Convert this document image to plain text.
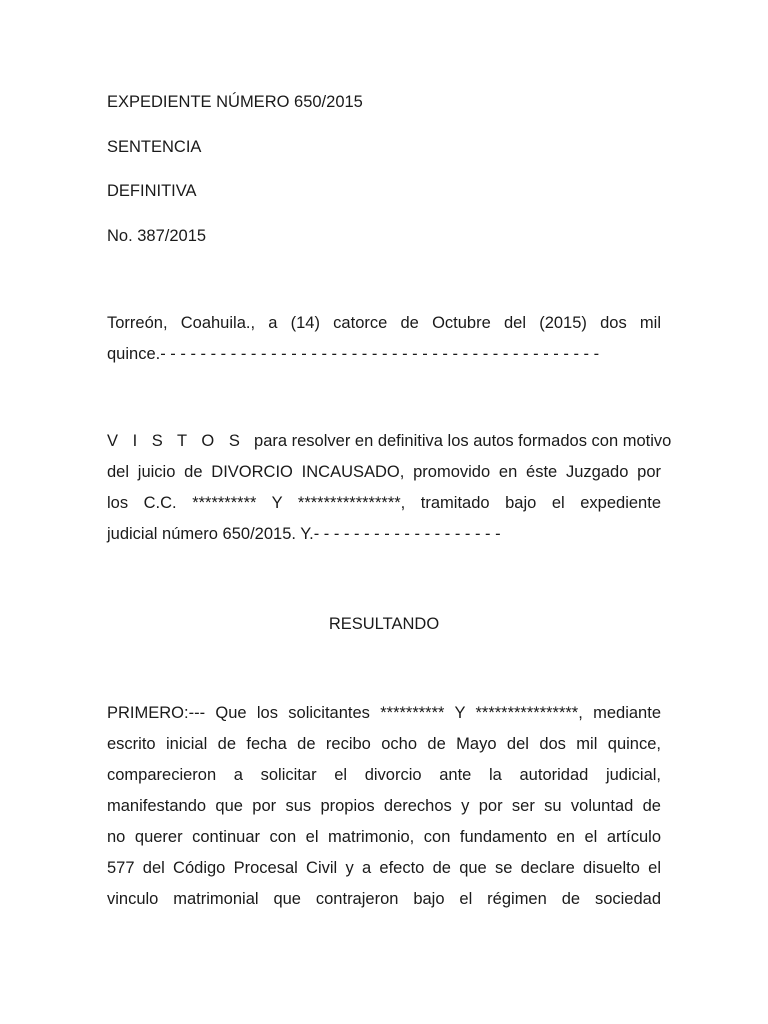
EXPEDIENTE NÚMERO 650/2015
SENTENCIA
DEFINITIVA
No. 387/2015
Torreón, Coahuila., a (14) catorce de Octubre del (2015) dos mil
quince.- - - - - - - - - - - - - - - - - - - - - - - - - - - - - - - - - - - - - - - - - - - -
V I S T O S para resolver en definitiva los autos formados con motivo
del juicio de DIVORCIO INCAUSADO, promovido en éste Juzgado por
los C.C. ********** Y ****************, tramitado bajo el expediente
judicial número 650/2015. Y.- - - - - - - - - - - - - - - - - - -
RESULTANDO
PRIMERO:--- Que los solicitantes ********** Y ****************, mediante
escrito inicial de fecha de recibo ocho de Mayo del dos mil quince,
comparecieron a solicitar el divorcio ante la autoridad judicial,
manifestando que por sus propios derechos y por ser su voluntad de
no querer continuar con el matrimonio, con fundamento en el artículo
577 del Código Procesal Civil y a efecto de que se declare disuelto el
vinculo matrimonial que contrajeron bajo el régimen de sociedad
